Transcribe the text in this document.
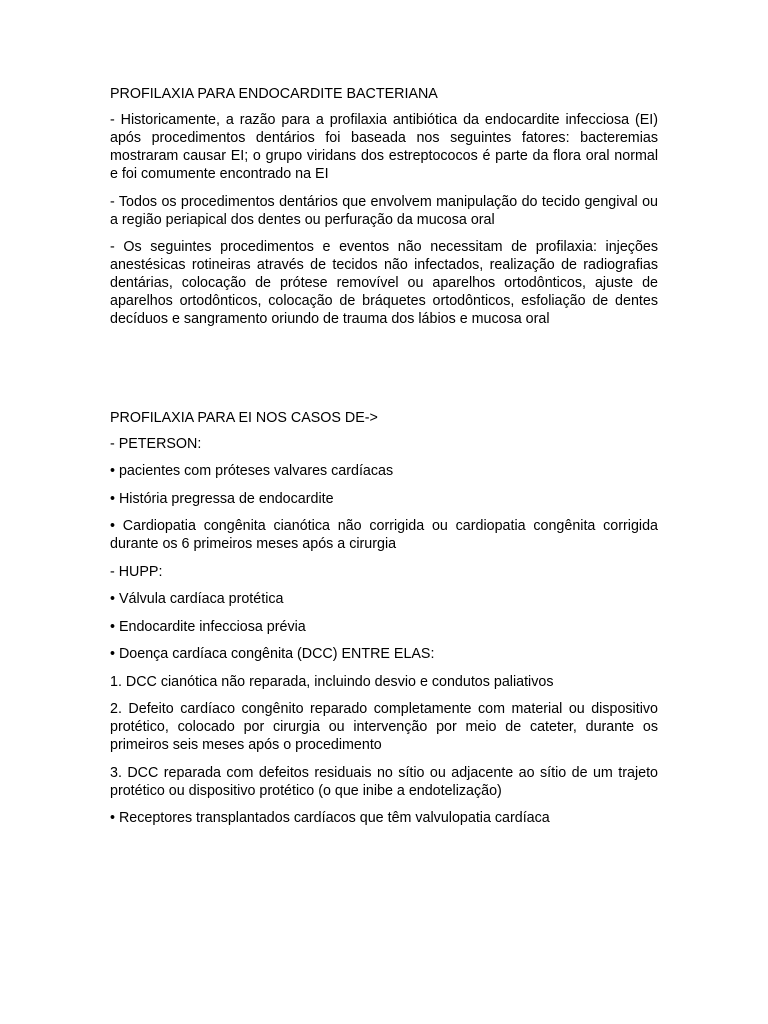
PROFILAXIA PARA ENDOCARDITE BACTERIANA

- Historicamente, a razão para a profilaxia antibiótica da endocardite infecciosa (EI) após procedimentos dentários foi baseada nos seguintes fatores: bacteremias mostraram causar EI; o grupo viridans dos estreptococos é parte da flora oral normal e foi comumente encontrado na EI

- Todos os procedimentos dentários que envolvem manipulação do tecido gengival ou a região periapical dos dentes ou perfuração da mucosa oral

- Os seguintes procedimentos e eventos não necessitam de profilaxia: injeções anestésicas rotineiras através de tecidos não infectados, realização de radiografias dentárias, colocação de prótese removível ou aparelhos ortodônticos, ajuste de aparelhos ortodônticos, colocação de bráquetes ortodônticos, esfoliação de dentes decíduos e sangramento oriundo de trauma dos lábios e mucosa oral

PROFILAXIA PARA EI NOS CASOS DE->

- PETERSON:

• pacientes com próteses valvares cardíacas

• História pregressa de endocardite

• Cardiopatia congênita cianótica não corrigida ou cardiopatia congênita corrigida durante os 6 primeiros meses após a cirurgia

- HUPP:

• Válvula cardíaca protética

• Endocardite infecciosa prévia

• Doença cardíaca congênita (DCC) ENTRE ELAS:

1. DCC cianótica não reparada, incluindo desvio e condutos paliativos

2. Defeito cardíaco congênito reparado completamente com material ou dispositivo protético, colocado por cirurgia ou intervenção por meio de cateter, durante os primeiros seis meses após o procedimento

3. DCC reparada com defeitos residuais no sítio ou adjacente ao sítio de um trajeto protético ou dispositivo protético (o que inibe a endotelização)

• Receptores transplantados cardíacos que têm valvulopatia cardíaca
